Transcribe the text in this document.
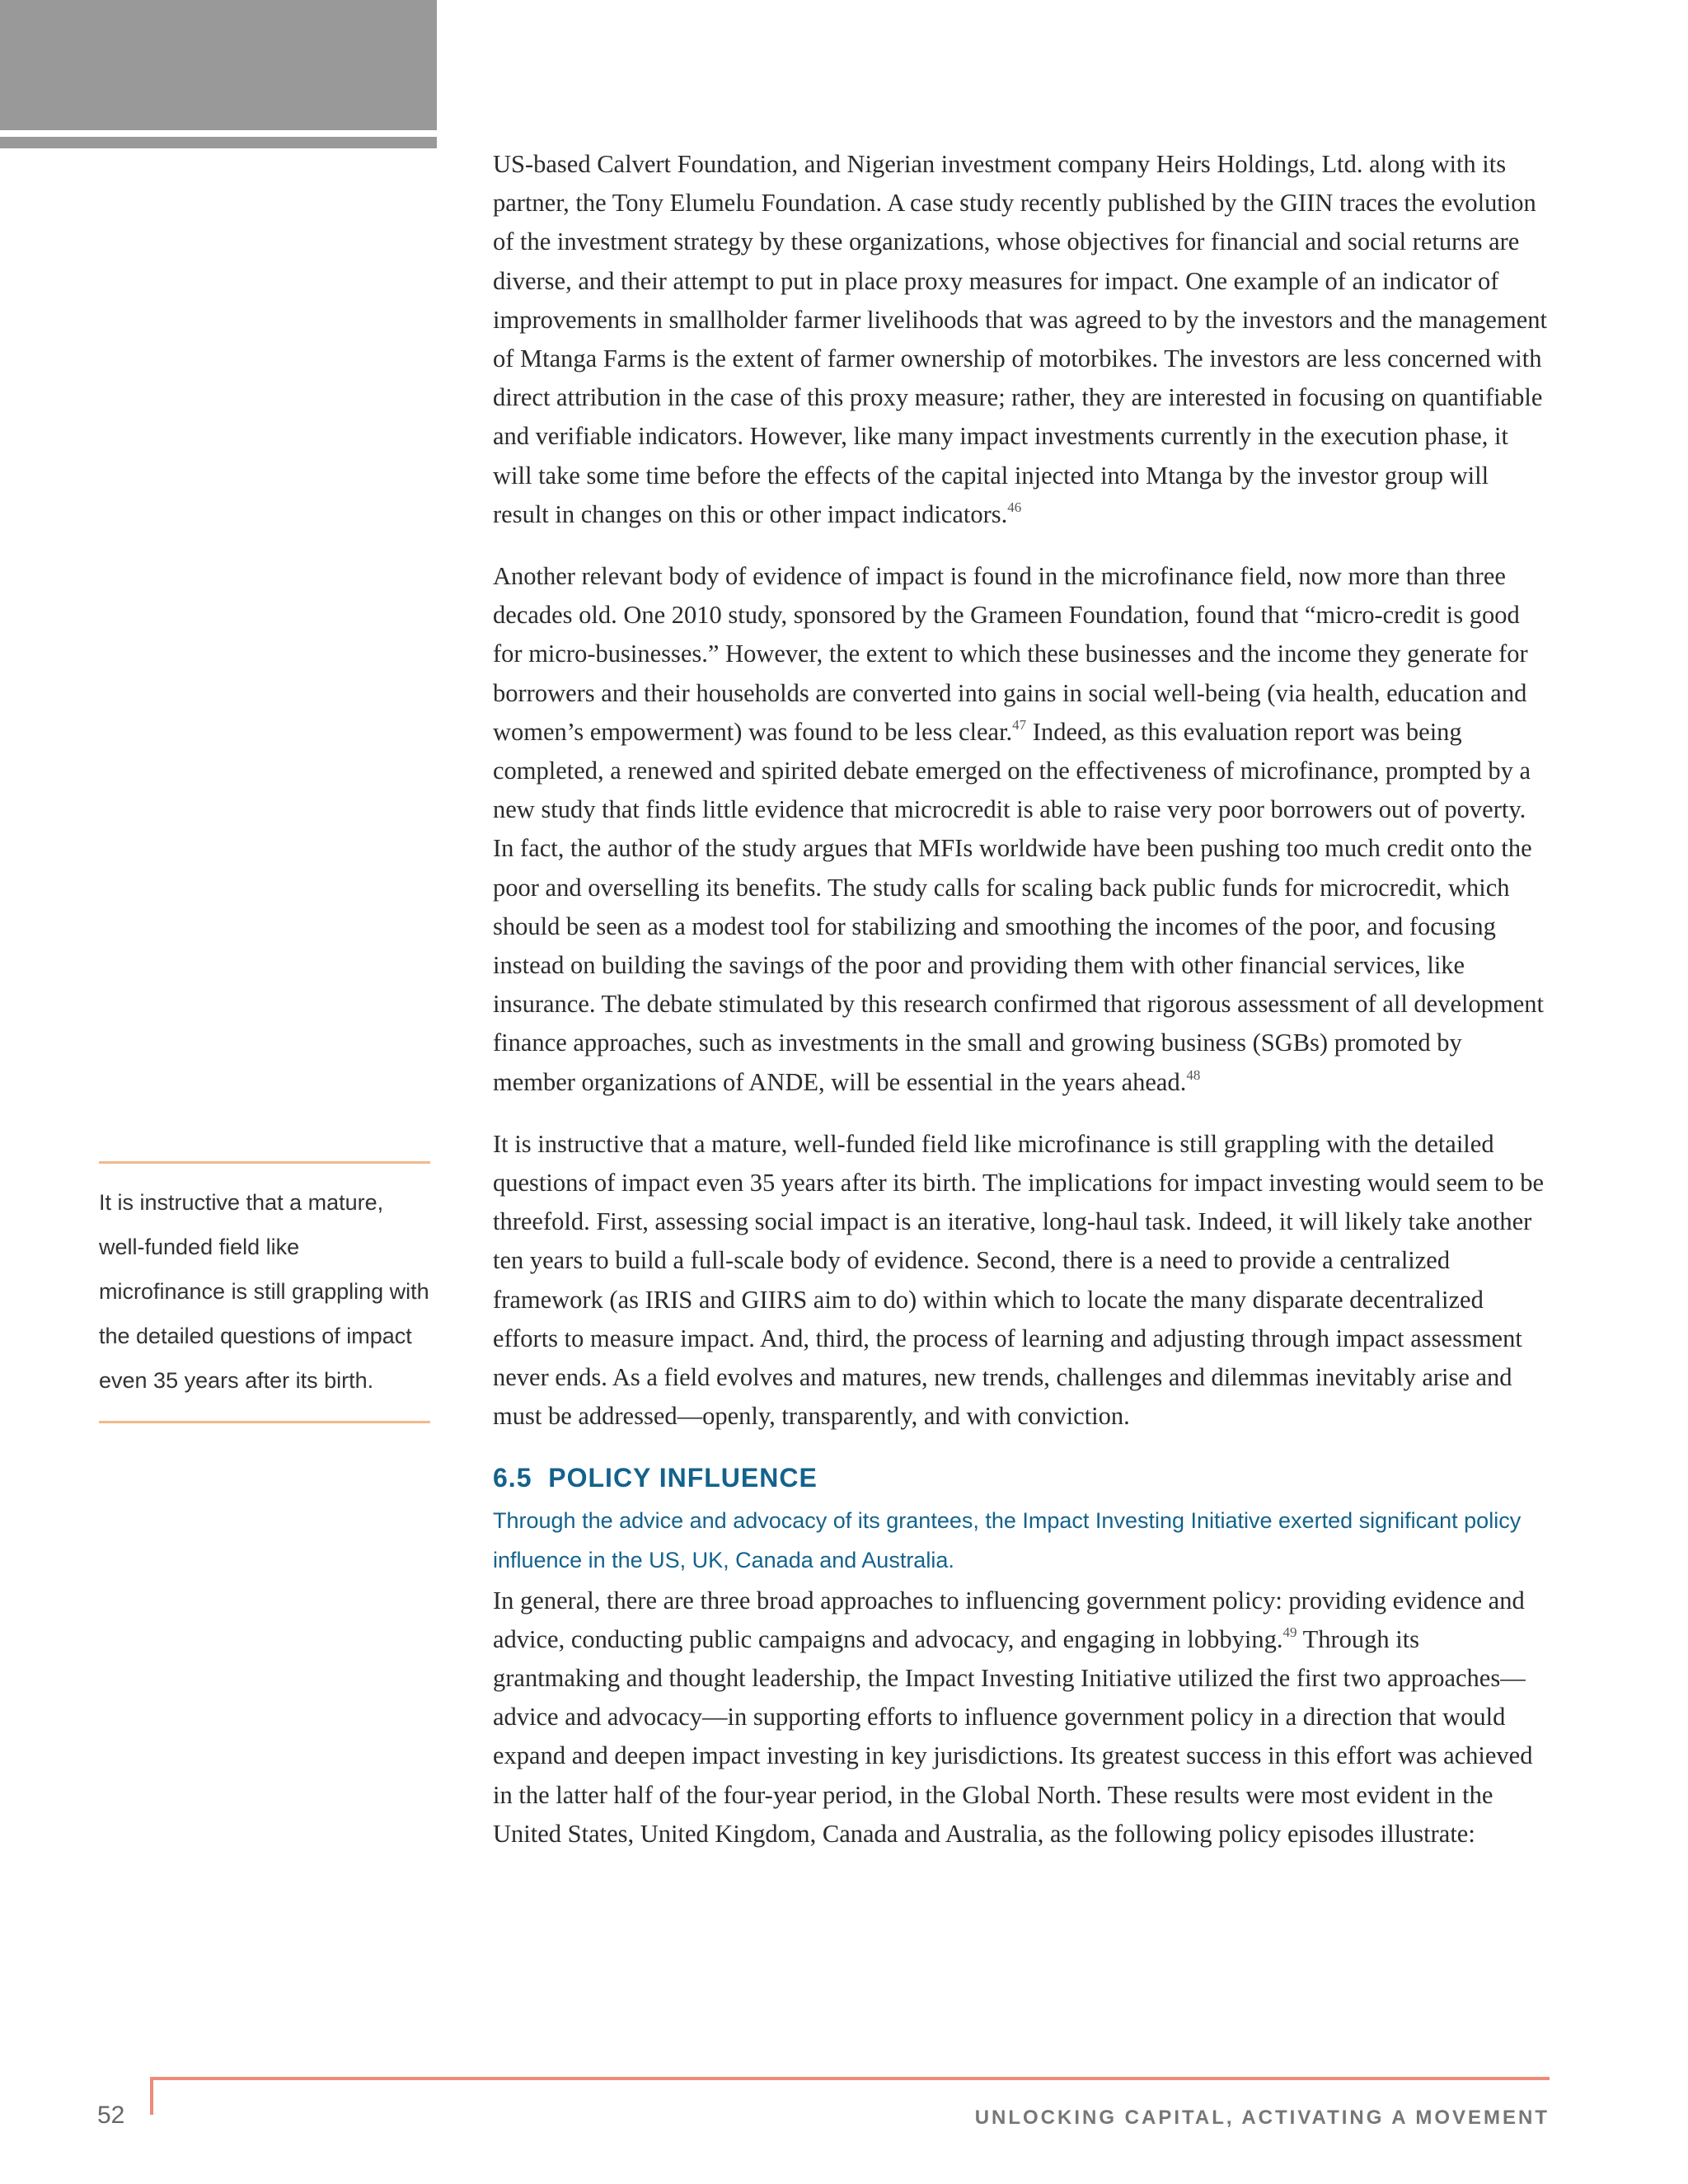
It is instructive that a mature, well-funded field like microfinance is still grappling with the detailed questions of impact even 35 years after its birth.

US-based Calvert Foundation, and Nigerian investment company Heirs Holdings, Ltd. along with its partner, the Tony Elumelu Foundation. A case study recently published by the GIIN traces the evolution of the investment strategy by these organizations, whose objectives for financial and social returns are diverse, and their attempt to put in place proxy measures for impact. One example of an indicator of improvements in smallholder farmer livelihoods that was agreed to by the investors and the management of Mtanga Farms is the extent of farmer ownership of motorbikes. The investors are less concerned with direct attribution in the case of this proxy measure; rather, they are interested in focusing on quantifiable and verifiable indicators. However, like many impact investments currently in the execution phase, it will take some time before the effects of the capital injected into Mtanga by the investor group will result in changes on this or other impact indicators.$^{46}$

Another relevant body of evidence of impact is found in the microfinance field, now more than three decades old. One 2010 study, sponsored by the Grameen Foundation, found that “micro-credit is good for micro-businesses.” However, the extent to which these businesses and the income they generate for borrowers and their households are converted into gains in social well-being (via health, education and women’s empowerment) was found to be less clear.$^{47}$ Indeed, as this evaluation report was being completed, a renewed and spirited debate emerged on the effectiveness of microfinance, prompted by a new study that finds little evidence that microcredit is able to raise very poor borrowers out of poverty. In fact, the author of the study argues that MFIs worldwide have been pushing too much credit onto the poor and overselling its benefits. The study calls for scaling back public funds for microcredit, which should be seen as a modest tool for stabilizing and smoothing the incomes of the poor, and focusing instead on building the savings of the poor and providing them with other financial services, like insurance. The debate stimulated by this research confirmed that rigorous assessment of all development finance approaches, such as investments in the small and growing business (SGBs) promoted by member organizations of ANDE, will be essential in the years ahead.$^{48}$

It is instructive that a mature, well-funded field like microfinance is still grappling with the detailed questions of impact even 35 years after its birth. The implications for impact investing would seem to be threefold. First, assessing social impact is an iterative, long-haul task. Indeed, it will likely take another ten years to build a full-scale body of evidence. Second, there is a need to provide a centralized framework (as IRIS and GIIRS aim to do) within which to locate the many disparate decentralized efforts to measure impact. And, third, the process of learning and adjusting through impact assessment never ends. As a field evolves and matures, new trends, challenges and dilemmas inevitably arise and must be addressed—openly, transparently, and with conviction.

6.5 POLICY INFLUENCE

Through the advice and advocacy of its grantees, the Impact Investing Initiative exerted significant policy influence in the US, UK, Canada and Australia.

In general, there are three broad approaches to influencing government policy: providing evidence and advice, conducting public campaigns and advocacy, and engaging in lobbying.$^{49}$ Through its grantmaking and thought leadership, the Impact Investing Initiative utilized the first two approaches—advice and advocacy—in supporting efforts to influence government policy in a direction that would expand and deepen impact investing in key jurisdictions. Its greatest success in this effort was achieved in the latter half of the four-year period, in the Global North. These results were most evident in the United States, United Kingdom, Canada and Australia, as the following policy episodes illustrate:

52	UNLOCKING CAPITAL, ACTIVATING A MOVEMENT
